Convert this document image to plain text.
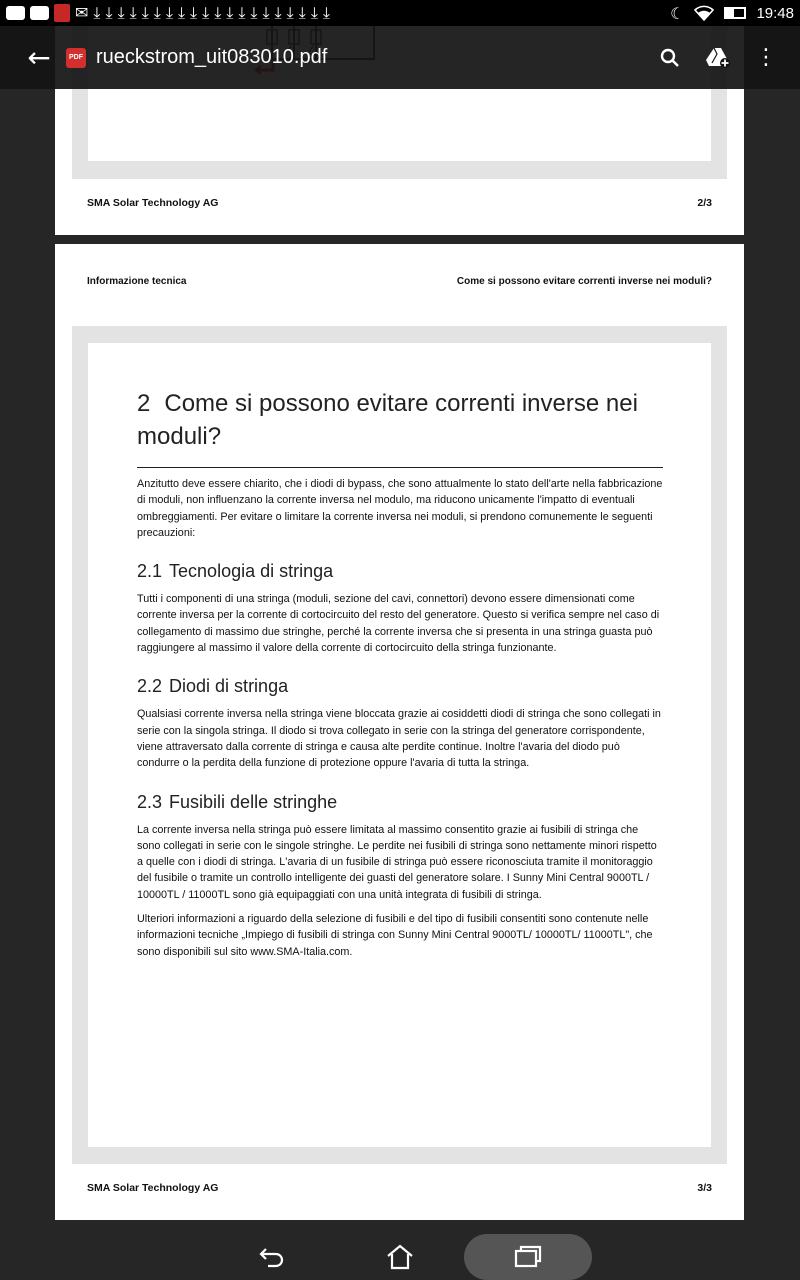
✉ ⤓ ⤓ ⤓ ⤓ ⤓ ⤓ ⤓ ⤓ ⤓ ⤓ ⤓ ⤓ ⤓ ⤓ ⤓ ⤓ ⤓ ⤓ ⤓ ⤓	☾	19:48
SMA Solar Technology AG	2/3
Informazione tecnica	Come si possono evitare correnti inverse nei moduli?
2 Come si possono evitare correnti inverse nei moduli?

Anzitutto deve essere chiarito, che i diodi di bypass, che sono attualmente lo stato dell'arte nella fabbricazione di moduli, non influenzano la corrente inversa nel modulo, ma riducono unicamente l'impatto di eventuali ombreggiamenti. Per evitare o limitare la corrente inversa nei moduli, si prendono comunemente le seguenti precauzioni:

2.1 Tecnologia di stringa

Tutti i componenti di una stringa (moduli, sezione del cavi, connettori) devono essere dimensionati come corrente inversa per la corrente di cortocircuito del resto del generatore. Questo si verifica sempre nel caso di collegamento di massimo due stringhe, perché la corrente inversa che si presenta in una stringa guasta può raggiungere al massimo il valore della corrente di cortocircuito della stringa funzionante.

2.2 Diodi di stringa

Qualsiasi corrente inversa nella stringa viene bloccata grazie ai cosiddetti diodi di stringa che sono collegati in serie con la singola stringa. Il diodo si trova collegato in serie con la stringa del generatore corrispondente, viene attraversato dalla corrente di stringa e causa alte perdite continue. Inoltre l'avaria del diodo può condurre o la perdita della funzione di protezione oppure l'avaria di tutta la stringa.

2.3 Fusibili delle stringhe

La corrente inversa nella stringa può essere limitata al massimo consentito grazie ai fusibili di stringa che sono collegati in serie con le singole stringhe. Le perdite nei fusibili di stringa sono nettamente minori rispetto a quelle con i diodi di stringa. L'avaria di un fusibile di stringa può essere riconosciuta tramite il monitoraggio del fusibile o tramite un controllo intelligente dei guasti del generatore solare. I Sunny Mini Central 9000TL / 10000TL / 11000TL sono già equipaggiati con una unità integrata di fusibili di stringa.

Ulteriori informazioni a riguardo della selezione di fusibili e del tipo di fusibili consentiti sono contenute nelle informazioni tecniche „Impiego di fusibili di stringa con Sunny Mini Central 9000TL/ 10000TL/ 11000TL", che sono disponibili sul sito www.SMA-Italia.com.

SMA Solar Technology AG	3/3
←	PDF rueckstrom_uit083010.pdf	⋮
